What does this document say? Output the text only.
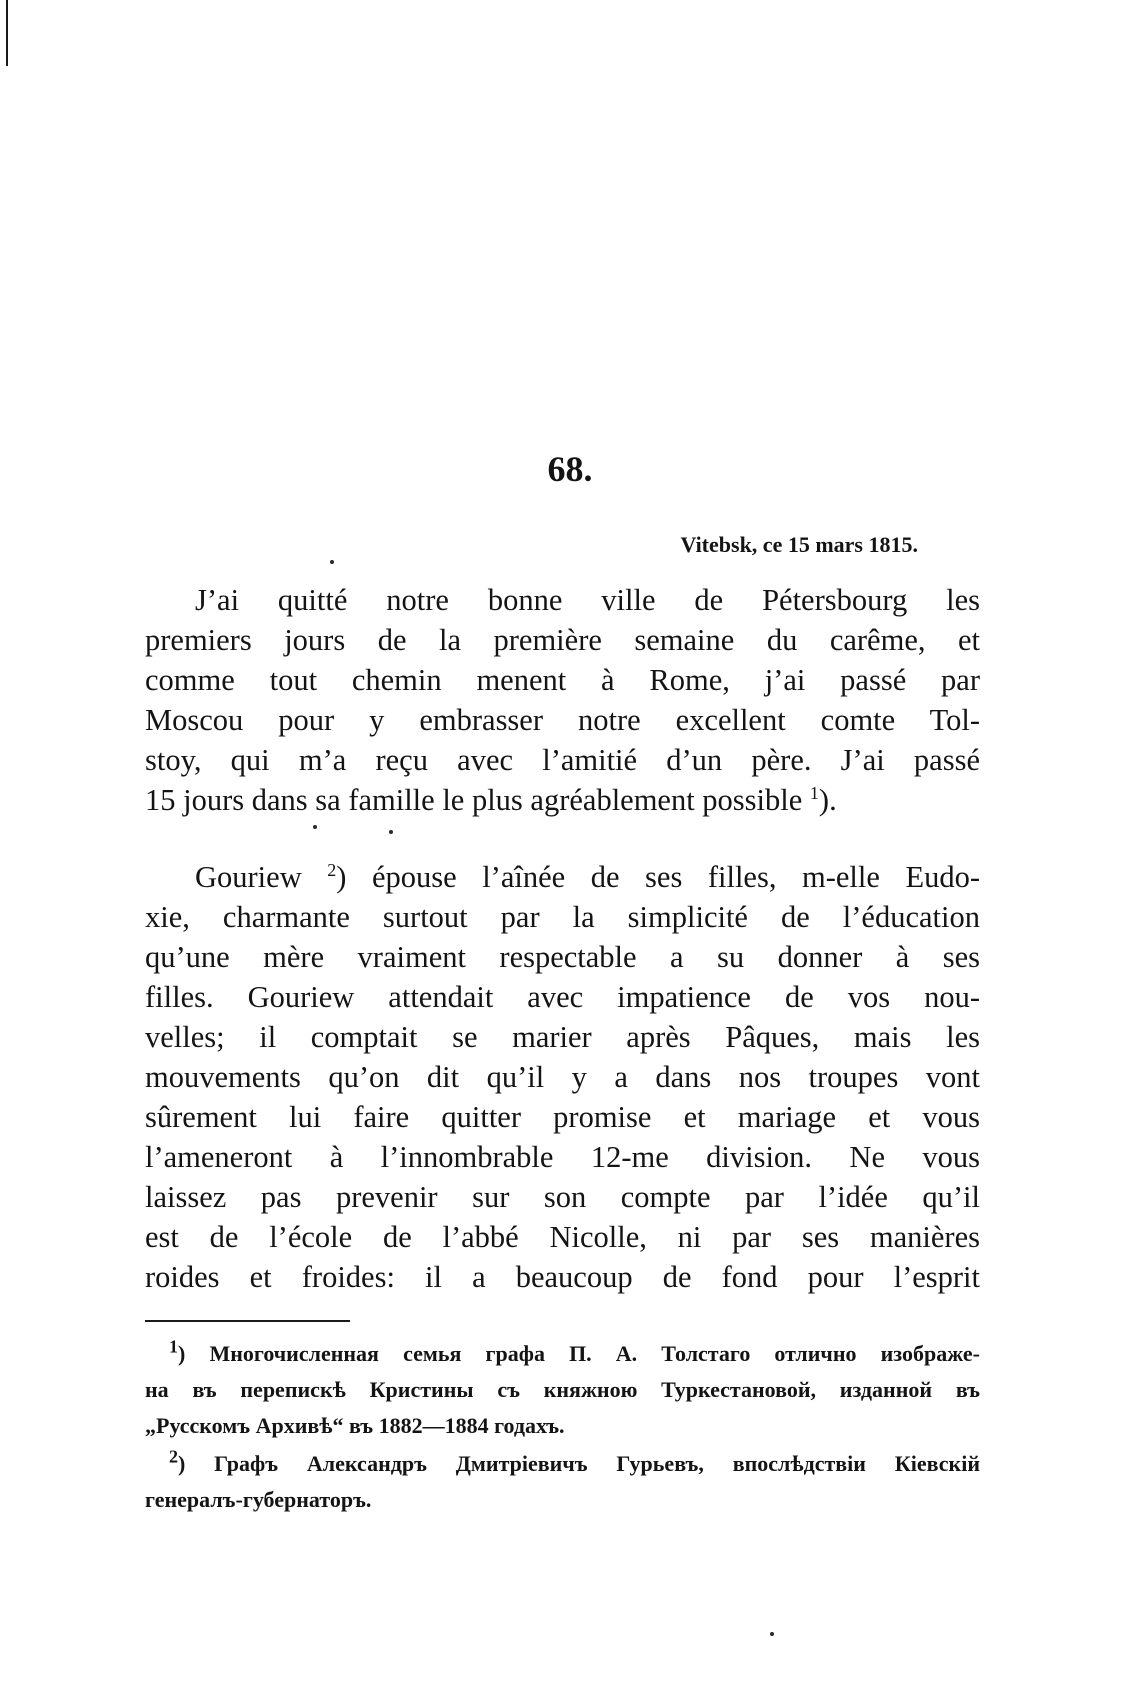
68.
Vitebsk, ce 15 mars 1815.
J’ai quitté notre bonne ville de Pétersbourg les
premiers jours de la première semaine du carême, et
comme tout chemin menent à Rome, j’ai passé par
Moscou pour y embrasser notre excellent comte Tol-
stoy, qui m’a reçu avec l’amitié d’un père. J’ai passé
15 jours dans sa famille le plus agréablement possible $^1$).
Gouriew $^2$) épouse l’aînée de ses filles, m-elle Eudo-
xie, charmante surtout par la simplicité de l’éducation
qu’une mère vraiment respectable a su donner à ses
filles. Gouriew attendait avec impatience de vos nou-
velles; il comptait se marier après Pâques, mais les
mouvements qu’on dit qu’il y a dans nos troupes vont
sûrement lui faire quitter promise et mariage et vous
l’ameneront à l’innombrable 12-me division. Ne vous
laissez pas prevenir sur son compte par l’idée qu’il
est de l’école de l’abbé Nicolle, ni par ses manières
roides et froides: il a beaucoup de fond pour l’esprit
$^1$) Многочисленная семья графа П. А. Толстаго отлично изображе-
на въ перепискѣ Кристины съ княжною Туркестановой, изданной въ
„Русскомъ Архивѣ“ въ 1882—1884 годахъ.
$^2$) Графъ Александръ Дмитріевичъ Гурьевъ, впослѣдствіи Кіевскій
генералъ-губернаторъ.
